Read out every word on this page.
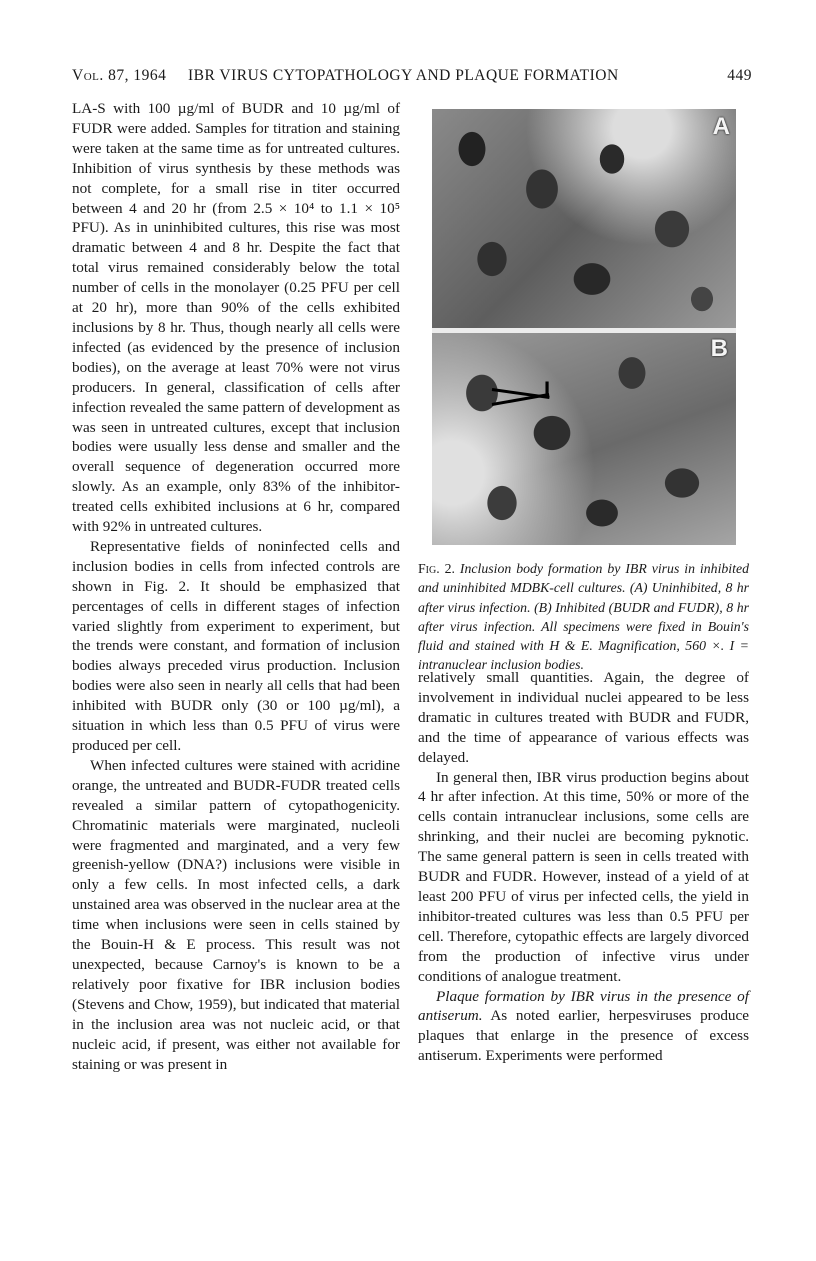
Vol. 87, 1964 IBR VIRUS CYTOPATHOLOGY AND PLAQUE FORMATION	449

LA-S with 100 µg/ml of BUDR and 10 µg/ml of FUDR were added. Samples for titration and staining were taken at the same time as for untreated cultures. Inhibition of virus synthesis by these methods was not complete, for a small rise in titer occurred between 4 and 20 hr (from 2.5 × 10⁴ to 1.1 × 10⁵ PFU). As in uninhibited cultures, this rise was most dramatic between 4 and 8 hr. Despite the fact that total virus remained considerably below the total number of cells in the monolayer (0.25 PFU per cell at 20 hr), more than 90% of the cells exhibited inclusions by 8 hr. Thus, though nearly all cells were infected (as evidenced by the presence of inclusion bodies), on the average at least 70% were not virus producers. In general, classification of cells after infection revealed the same pattern of development as was seen in untreated cultures, except that inclusion bodies were usually less dense and smaller and the overall sequence of degeneration occurred more slowly. As an example, only 83% of the inhibitor-treated cells exhibited inclusions at 6 hr, compared with 92% in untreated cultures.

Representative fields of noninfected cells and inclusion bodies in cells from infected controls are shown in Fig. 2. It should be emphasized that percentages of cells in different stages of infection varied slightly from experiment to experiment, but the trends were constant, and formation of inclusion bodies always preceded virus production. Inclusion bodies were also seen in nearly all cells that had been inhibited with BUDR only (30 or 100 µg/ml), a situation in which less than 0.5 PFU of virus were produced per cell.

When infected cultures were stained with acridine orange, the untreated and BUDR-FUDR treated cells revealed a similar pattern of cytopathogenicity. Chromatinic materials were marginated, nucleoli were fragmented and marginated, and a very few greenish-yellow (DNA?) inclusions were visible in only a few cells. In most infected cells, a dark unstained area was observed in the nuclear area at the time when inclusions were seen in cells stained by the Bouin-H & E process. This result was not unexpected, because Carnoy's is known to be a relatively poor fixative for IBR inclusion bodies (Stevens and Chow, 1959), but indicated that material in the inclusion area was not nucleic acid, or that nucleic acid, if present, was either not available for staining or was present in

A
B
I
Fig. 2. Inclusion body formation by IBR virus in inhibited and uninhibited MDBK-cell cultures. (A) Uninhibited, 8 hr after virus infection. (B) Inhibited (BUDR and FUDR), 8 hr after virus infection. All specimens were fixed in Bouin's fluid and stained with H & E. Magnification, 560 ×. I = intranuclear inclusion bodies.

relatively small quantities. Again, the degree of involvement in individual nuclei appeared to be less dramatic in cultures treated with BUDR and FUDR, and the time of appearance of various effects was delayed.

In general then, IBR virus production begins about 4 hr after infection. At this time, 50% or more of the cells contain intranuclear inclusions, some cells are shrinking, and their nuclei are becoming pyknotic. The same general pattern is seen in cells treated with BUDR and FUDR. However, instead of a yield of at least 200 PFU of virus per infected cells, the yield in inhibitor-treated cultures was less than 0.5 PFU per cell. Therefore, cytopathic effects are largely divorced from the production of infective virus under conditions of analogue treatment.

Plaque formation by IBR virus in the presence of antiserum. As noted earlier, herpesviruses produce plaques that enlarge in the presence of excess antiserum. Experiments were performed
